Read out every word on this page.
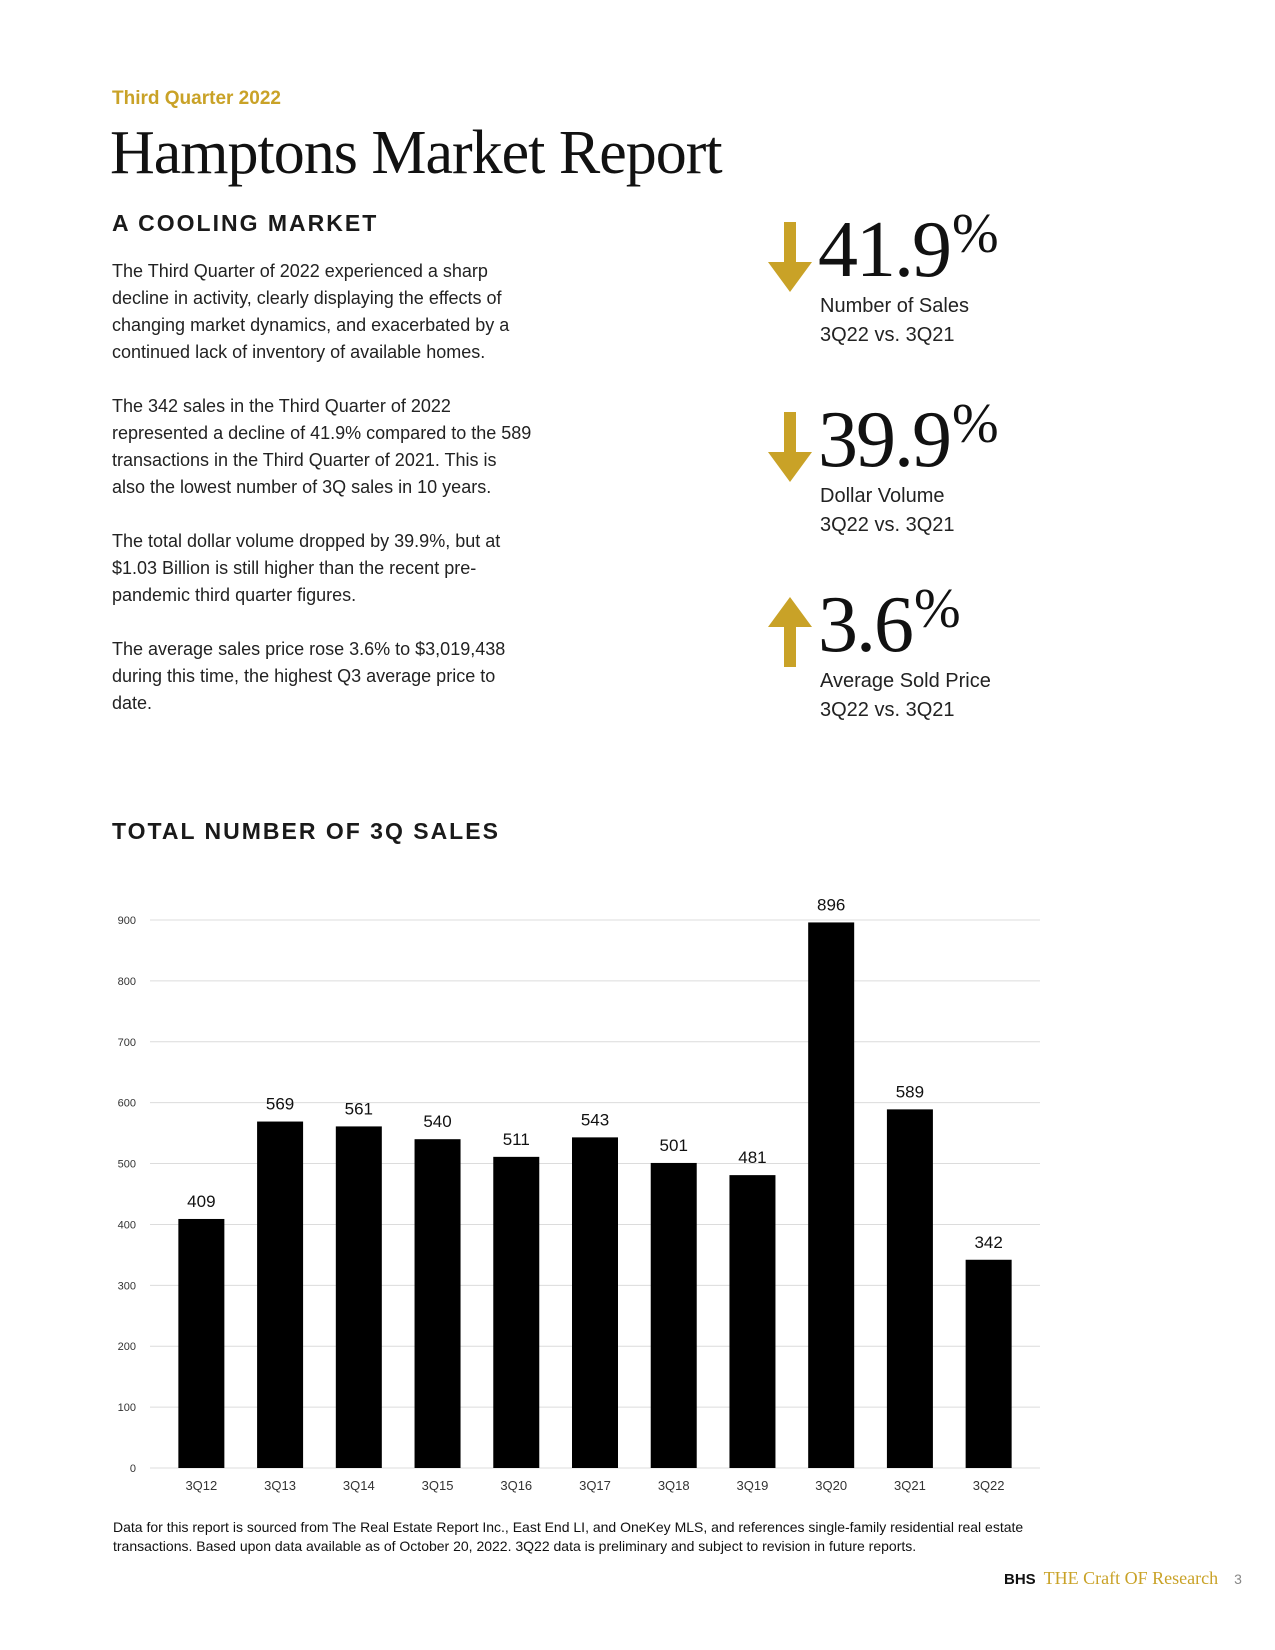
Third Quarter 2022
Hamptons Market Report
A COOLING MARKET

The Third Quarter of 2022 experienced a sharp decline in activity, clearly displaying the effects of changing market dynamics, and exacerbated by a continued lack of inventory of available homes.

The 342 sales in the Third Quarter of 2022 represented a decline of 41.9% compared to the 589 transactions in the Third Quarter of 2021. This is also the lowest number of 3Q sales in 10 years.

The total dollar volume dropped by 39.9%, but at $1.03 Billion is still higher than the recent pre-pandemic third quarter figures.

The average sales price rose 3.6% to $3,019,438 during this time, the highest Q3 average price to date.

41.9 %
Number of Sales
3Q22 vs. 3Q21
39.9 %
Dollar Volume
3Q22 vs. 3Q21
3.6 %
Average Sold Price
3Q22 vs. 3Q21
TOTAL NUMBER OF 3Q SALES
0
100
200
300
400
500
600
700
800
900
409
3Q12
569
3Q13
561
3Q14
540
3Q15
511
3Q16
543
3Q17
501
3Q18
481
3Q19
896
3Q20
589
3Q21
342
3Q22
Data for this report is sourced from The Real Estate Report Inc., East End LI, and OneKey MLS, and references single-family residential real estate transactions. Based upon data available as of October 20, 2022. 3Q22 data is preliminary and subject to revision in future reports.
BHS THE Craft OF Research 3
